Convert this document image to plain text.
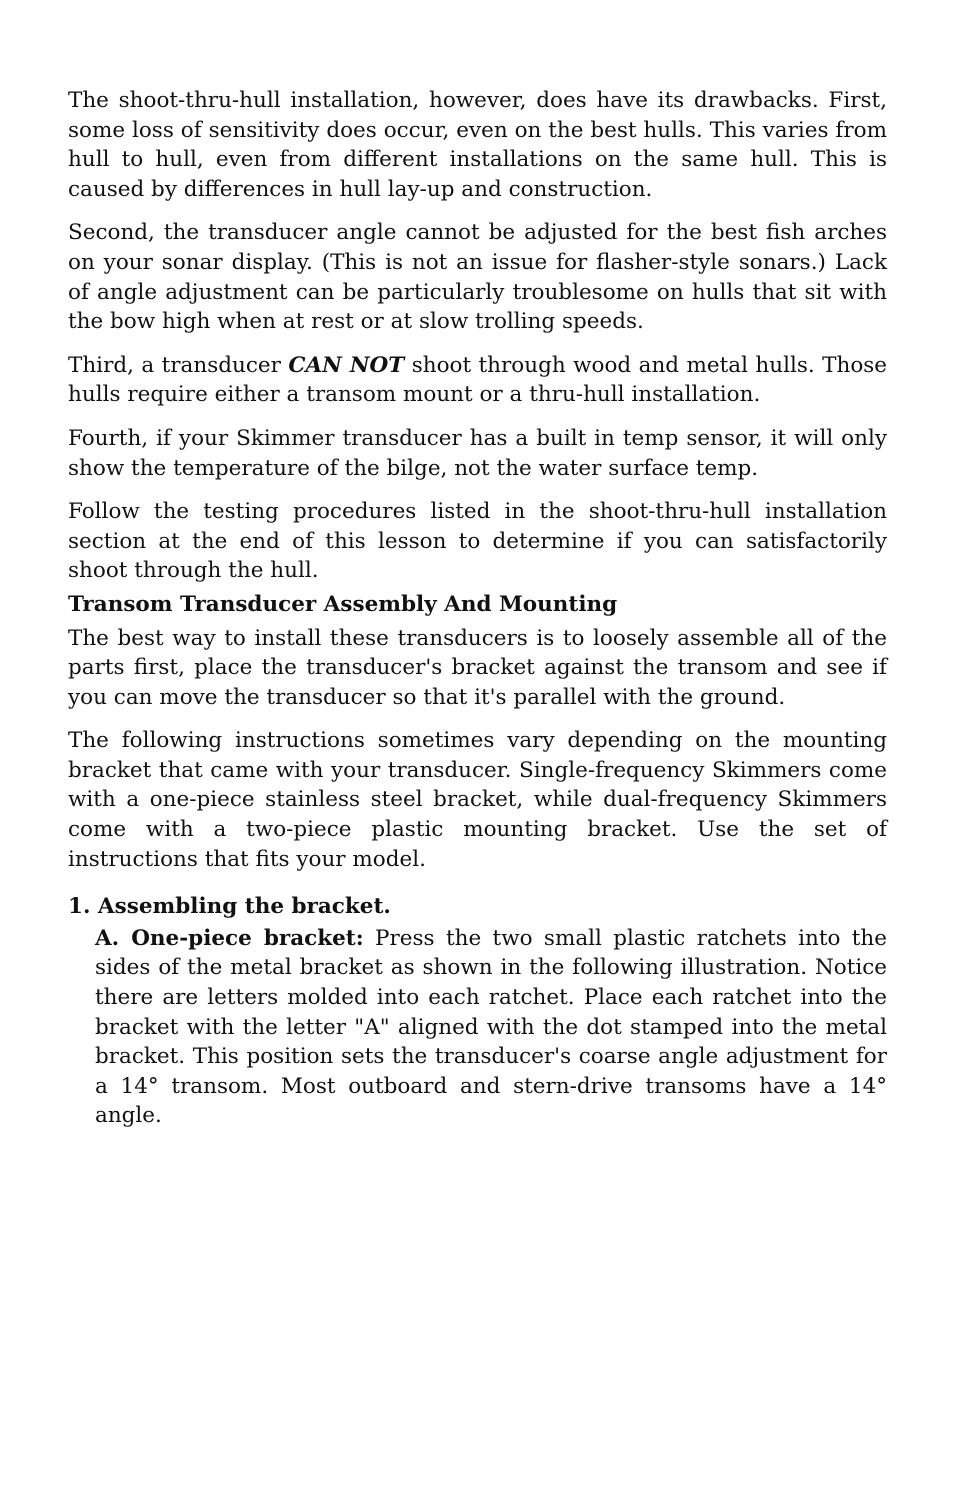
The shoot-thru-hull installation, however, does have its drawbacks. First, some loss of sensitivity does occur, even on the best hulls. This varies from hull to hull, even from different installations on the same hull. This is caused by differences in hull lay-up and construction.

Second, the transducer angle cannot be adjusted for the best fish arches on your sonar display. (This is not an issue for flasher-style sonars.) Lack of angle adjustment can be particularly troublesome on hulls that sit with the bow high when at rest or at slow trolling speeds.

Third, a transducer CAN NOT shoot through wood and metal hulls. Those hulls require either a transom mount or a thru-hull installation.

Fourth, if your Skimmer transducer has a built in temp sensor, it will only show the temperature of the bilge, not the water surface temp.

Follow the testing procedures listed in the shoot-thru-hull installation section at the end of this lesson to determine if you can satisfactorily shoot through the hull.

Transom Transducer Assembly And Mounting

The best way to install these transducers is to loosely assemble all of the parts first, place the transducer's bracket against the transom and see if you can move the transducer so that it's parallel with the ground.

The following instructions sometimes vary depending on the mounting bracket that came with your transducer. Single-frequency Skimmers come with a one-piece stainless steel bracket, while dual-frequency Skimmers come with a two-piece plastic mounting bracket. Use the set of instructions that fits your model.

1. Assembling the bracket.

A. One-piece bracket: Press the two small plastic ratchets into the sides of the metal bracket as shown in the following illustration. Notice there are letters molded into each ratchet. Place each ratchet into the bracket with the letter "A" aligned with the dot stamped into the metal bracket. This position sets the transducer's coarse angle adjustment for a 14° transom. Most outboard and stern-drive transoms have a 14° angle.
